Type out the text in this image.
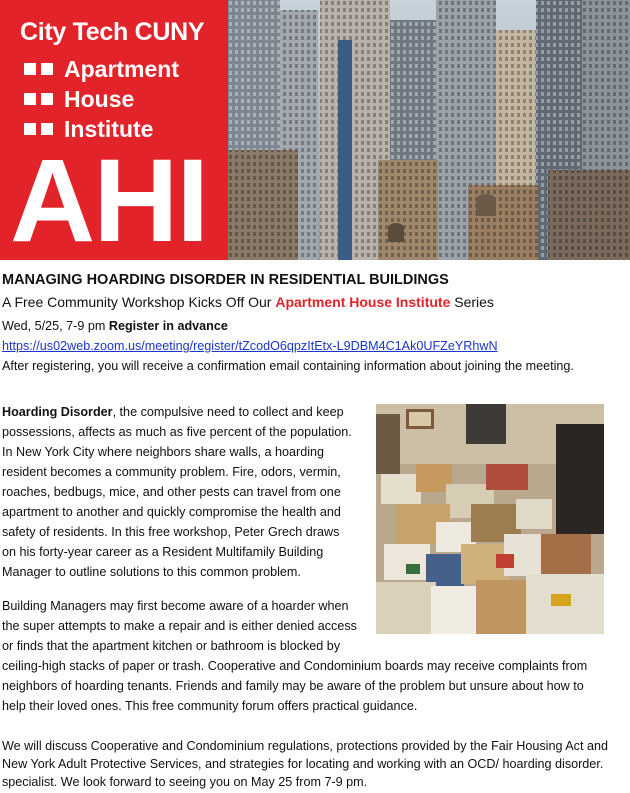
City Tech CUNY
Apartment
House
Institute
AHI
MANAGING HOARDING DISORDER IN RESIDENTIAL BUILDINGS
A Free Community Workshop Kicks Off Our Apartment House Institute Series
Wed, 5/25, 7-9 pm Register in advance
https://us02web.zoom.us/meeting/register/tZcodO6qpzItEtx-L9DBM4C1Ak0UFZeYRhwN
After registering, you will receive a confirmation email containing information about joining the meeting.
Hoarding Disorder, the compulsive need to collect and keep
possessions, affects as much as five percent of the population.
In New York City where neighbors share walls, a hoarding
resident becomes a community problem. Fire, odors, vermin,
roaches, bedbugs, mice, and other pests can travel from one
apartment to another and quickly compromise the health and
safety of residents. In this free workshop, Peter Grech draws
on his forty-year career as a Resident Multifamily Building
Manager to outline solutions to this common problem.
Building Managers may first become aware of a hoarder when
the super attempts to make a repair and is either denied access
or finds that the apartment kitchen or bathroom is blocked by
ceiling-high stacks of paper or trash. Cooperative and Condominium boards may receive complaints from
neighbors of hoarding tenants. Friends and family may be aware of the problem but unsure about how to
help their loved ones. This free community forum offers practical guidance.
We will discuss Cooperative and Condominium regulations, protections provided by the Fair Housing Act and
New York Adult Protective Services, and strategies for locating and working with an OCD/ hoarding disorder.
specialist. We look forward to seeing you on May 25 from 7-9 pm.
